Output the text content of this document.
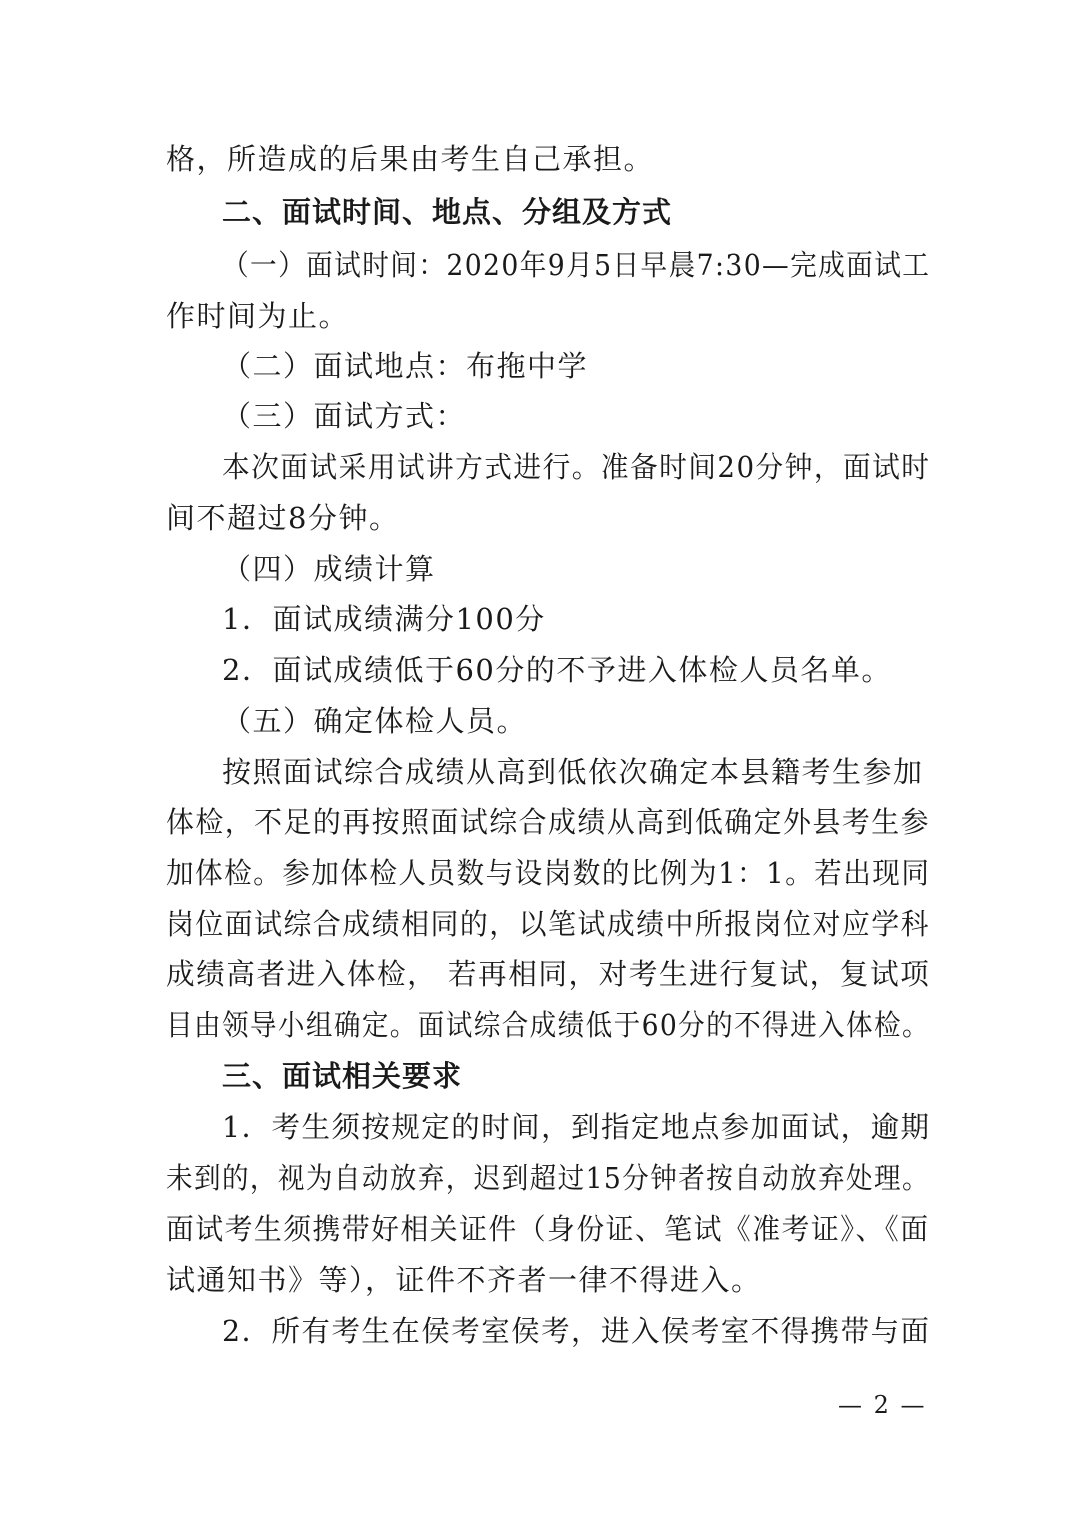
格，所造成的后果由考生自己承担。
二、面试时间、地点、分组及方式
（一）面试时间：2020年9月5日早晨7:30—完成面试工
作时间为止。
（二）面试地点：布拖中学
（三）面试方式：
本次面试采用试讲方式进行。准备时间20分钟，面试时
间不超过8分钟。
（四）成绩计算
1．面试成绩满分100分
2．面试成绩低于60分的不予进入体检人员名单。
（五）确定体检人员。
按照面试综合成绩从高到低依次确定本县籍考生参加
体检，不足的再按照面试综合成绩从高到低确定外县考生参
加体检。参加体检人员数与设岗数的比例为1：1。若出现同
岗位面试综合成绩相同的，以笔试成绩中所报岗位对应学科
成绩高者进入体检， 若再相同，对考生进行复试，复试项
目由领导小组确定。面试综合成绩低于60分的不得进入体检。
三、面试相关要求
1．考生须按规定的时间，到指定地点参加面试，逾期
未到的，视为自动放弃，迟到超过15分钟者按自动放弃处理。
面试考生须携带好相关证件（身份证、笔试《准考证》、《面
试通知书》等），证件不齐者一律不得进入。
2．所有考生在侯考室侯考，进入侯考室不得携带与面
— 2 —
